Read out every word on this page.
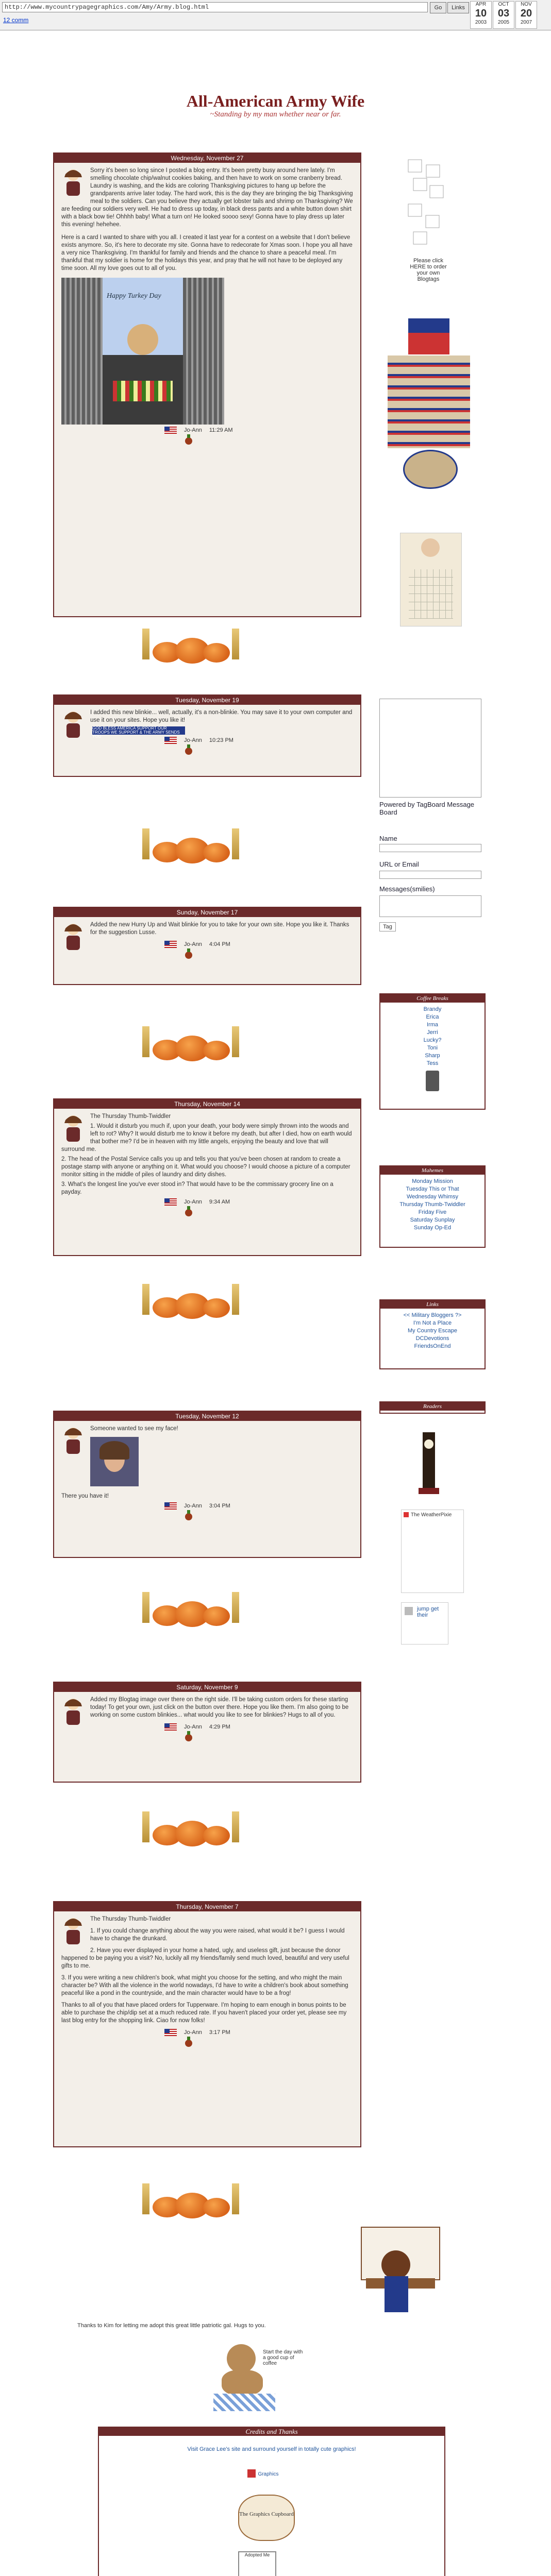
http://www.mycountrypagegraphics.com/Amy/Army.blog.html	Go	Links
12 comm
APR
10
2003
OCT
03
2005
NOV
20
2007
All-American Army Wife
~Standing by my man whether near or far.
Wednesday, November 27

Sorry it's been so long since I posted a blog entry. It's been pretty busy around here lately. I'm smelling chocolate chip/walnut cookies baking, and then have to work on some cranberry bread. Laundry is washing, and the kids are coloring Thanksgiving pictures to hang up before the grandparents arrive later today. The hard work, this is the day they are bringing the big Thanksgiving meal to the soldiers. Can you believe they actually get lobster tails and shrimp on Thanksgiving? We are feeding our soldiers very well. He had to dress up today, in black dress pants and a white button down shirt with a black bow tie! Ohhhh baby! What a turn on! He looked soooo sexy! Gonna have to play dress up later this evening! hehehee.

Here is a card I wanted to share with you all. I created it last year for a contest on a website that I don't believe exists anymore. So, it's here to decorate my site. Gonna have to redecorate for Xmas soon. I hope you all have a very nice Thanksgiving. I'm thankful for family and friends and the chance to share a peaceful meal. I'm thankful that my soldier is home for the holidays this year, and pray that he will not have to be deployed any time soon. All my love goes out to all of you.

Happy Turkey Day
Jo-Ann 11:29 AM
Tuesday, November 19

I added this new blinkie... well, actually, it's a non-blinkie. You may save it to your own computer and use it on your sites. Hope you like it!

GOD BLESS AMERICA SUPPORT OUR TROOPS WE SUPPORT & THE ARMY SENDS YOU
Jo-Ann 10:23 PM
Sunday, November 17

Added the new Hurry Up and Wait blinkie for you to take for your own site. Hope you like it. Thanks for the suggestion Lusse.

Jo-Ann 4:04 PM
Thursday, November 14

The Thursday Thumb-Twiddler

1. Would it disturb you much if, upon your death, your body were simply thrown into the woods and left to rot? Why? It would disturb me to know it before my death, but after I died, how on earth would that bother me? I'd be in heaven with my little angels, enjoying the beauty and love that will surround me.

2. The head of the Postal Service calls you up and tells you that you've been chosen at random to create a postage stamp with anyone or anything on it. What would you choose? I would choose a picture of a computer monitor sitting in the middle of piles of laundry and dirty dishes.

3. What's the longest line you've ever stood in? That would have to be the commissary grocery line on a payday.

Jo-Ann 9:34 AM
Tuesday, November 12

Someone wanted to see my face!

There you have it!

Jo-Ann 3:04 PM
Saturday, November 9

Added my Blogtag image over there on the right side. I'll be taking custom orders for these starting today! To get your own, just click on the button over there. Hope you like them. I'm also going to be working on some custom blinkies... what would you like to see for blinkies? Hugs to all of you.

Jo-Ann 4:29 PM
Thursday, November 7

The Thursday Thumb-Twiddler

1. If you could change anything about the way you were raised, what would it be? I guess I would have to change the drunkard.

2. Have you ever displayed in your home a hated, ugly, and useless gift, just because the donor happened to be paying you a visit? No, luckily all my friends/family send much loved, beautiful and very useful gifts to me.

3. If you were writing a new children's book, what might you choose for the setting, and who might the main character be? With all the violence in the world nowadays, I'd have to write a children's book about something peaceful like a pond in the countryside, and the main character would have to be a frog!

Thanks to all of you that have placed orders for Tupperware. I'm hoping to earn enough in bonus points to be able to purchase the chip/dip set at a much reduced rate. If you haven't placed your order yet, please see my last blog entry for the shopping link. Ciao for now folks!

Jo-Ann 3:17 PM
Please click HERE to order your own Blogtags
Powered by TagBoard Message Board
Name
URL or Email
Messages(smilies)
Tag
Coffee Breaks
Brandy
Erica
Irma
Jerri
Lucky?
Toni
Sharp
Tess
Mahemes
Monday Mission
Tuesday This or That
Wednesday Whimsy
Thursday Thumb-Twiddler
Friday Five
Saturday Sunplay
Sunday Op-Ed
Links
<< Military Bloggers ?>
I'm Not a Place
My Country Escape
DCDevotions
FriendsOnEnd
Readers
The WeatherPixie
jump get their
Thanks to Kim for letting me adopt this great little patriotic gal. Hugs to you.
Start the day with a good cup of coffee
Credits and Thanks
Visit Grace Lee's site and surround yourself in totally cute graphics!
Graphics
The Graphics Cupboard
Adopted Me
